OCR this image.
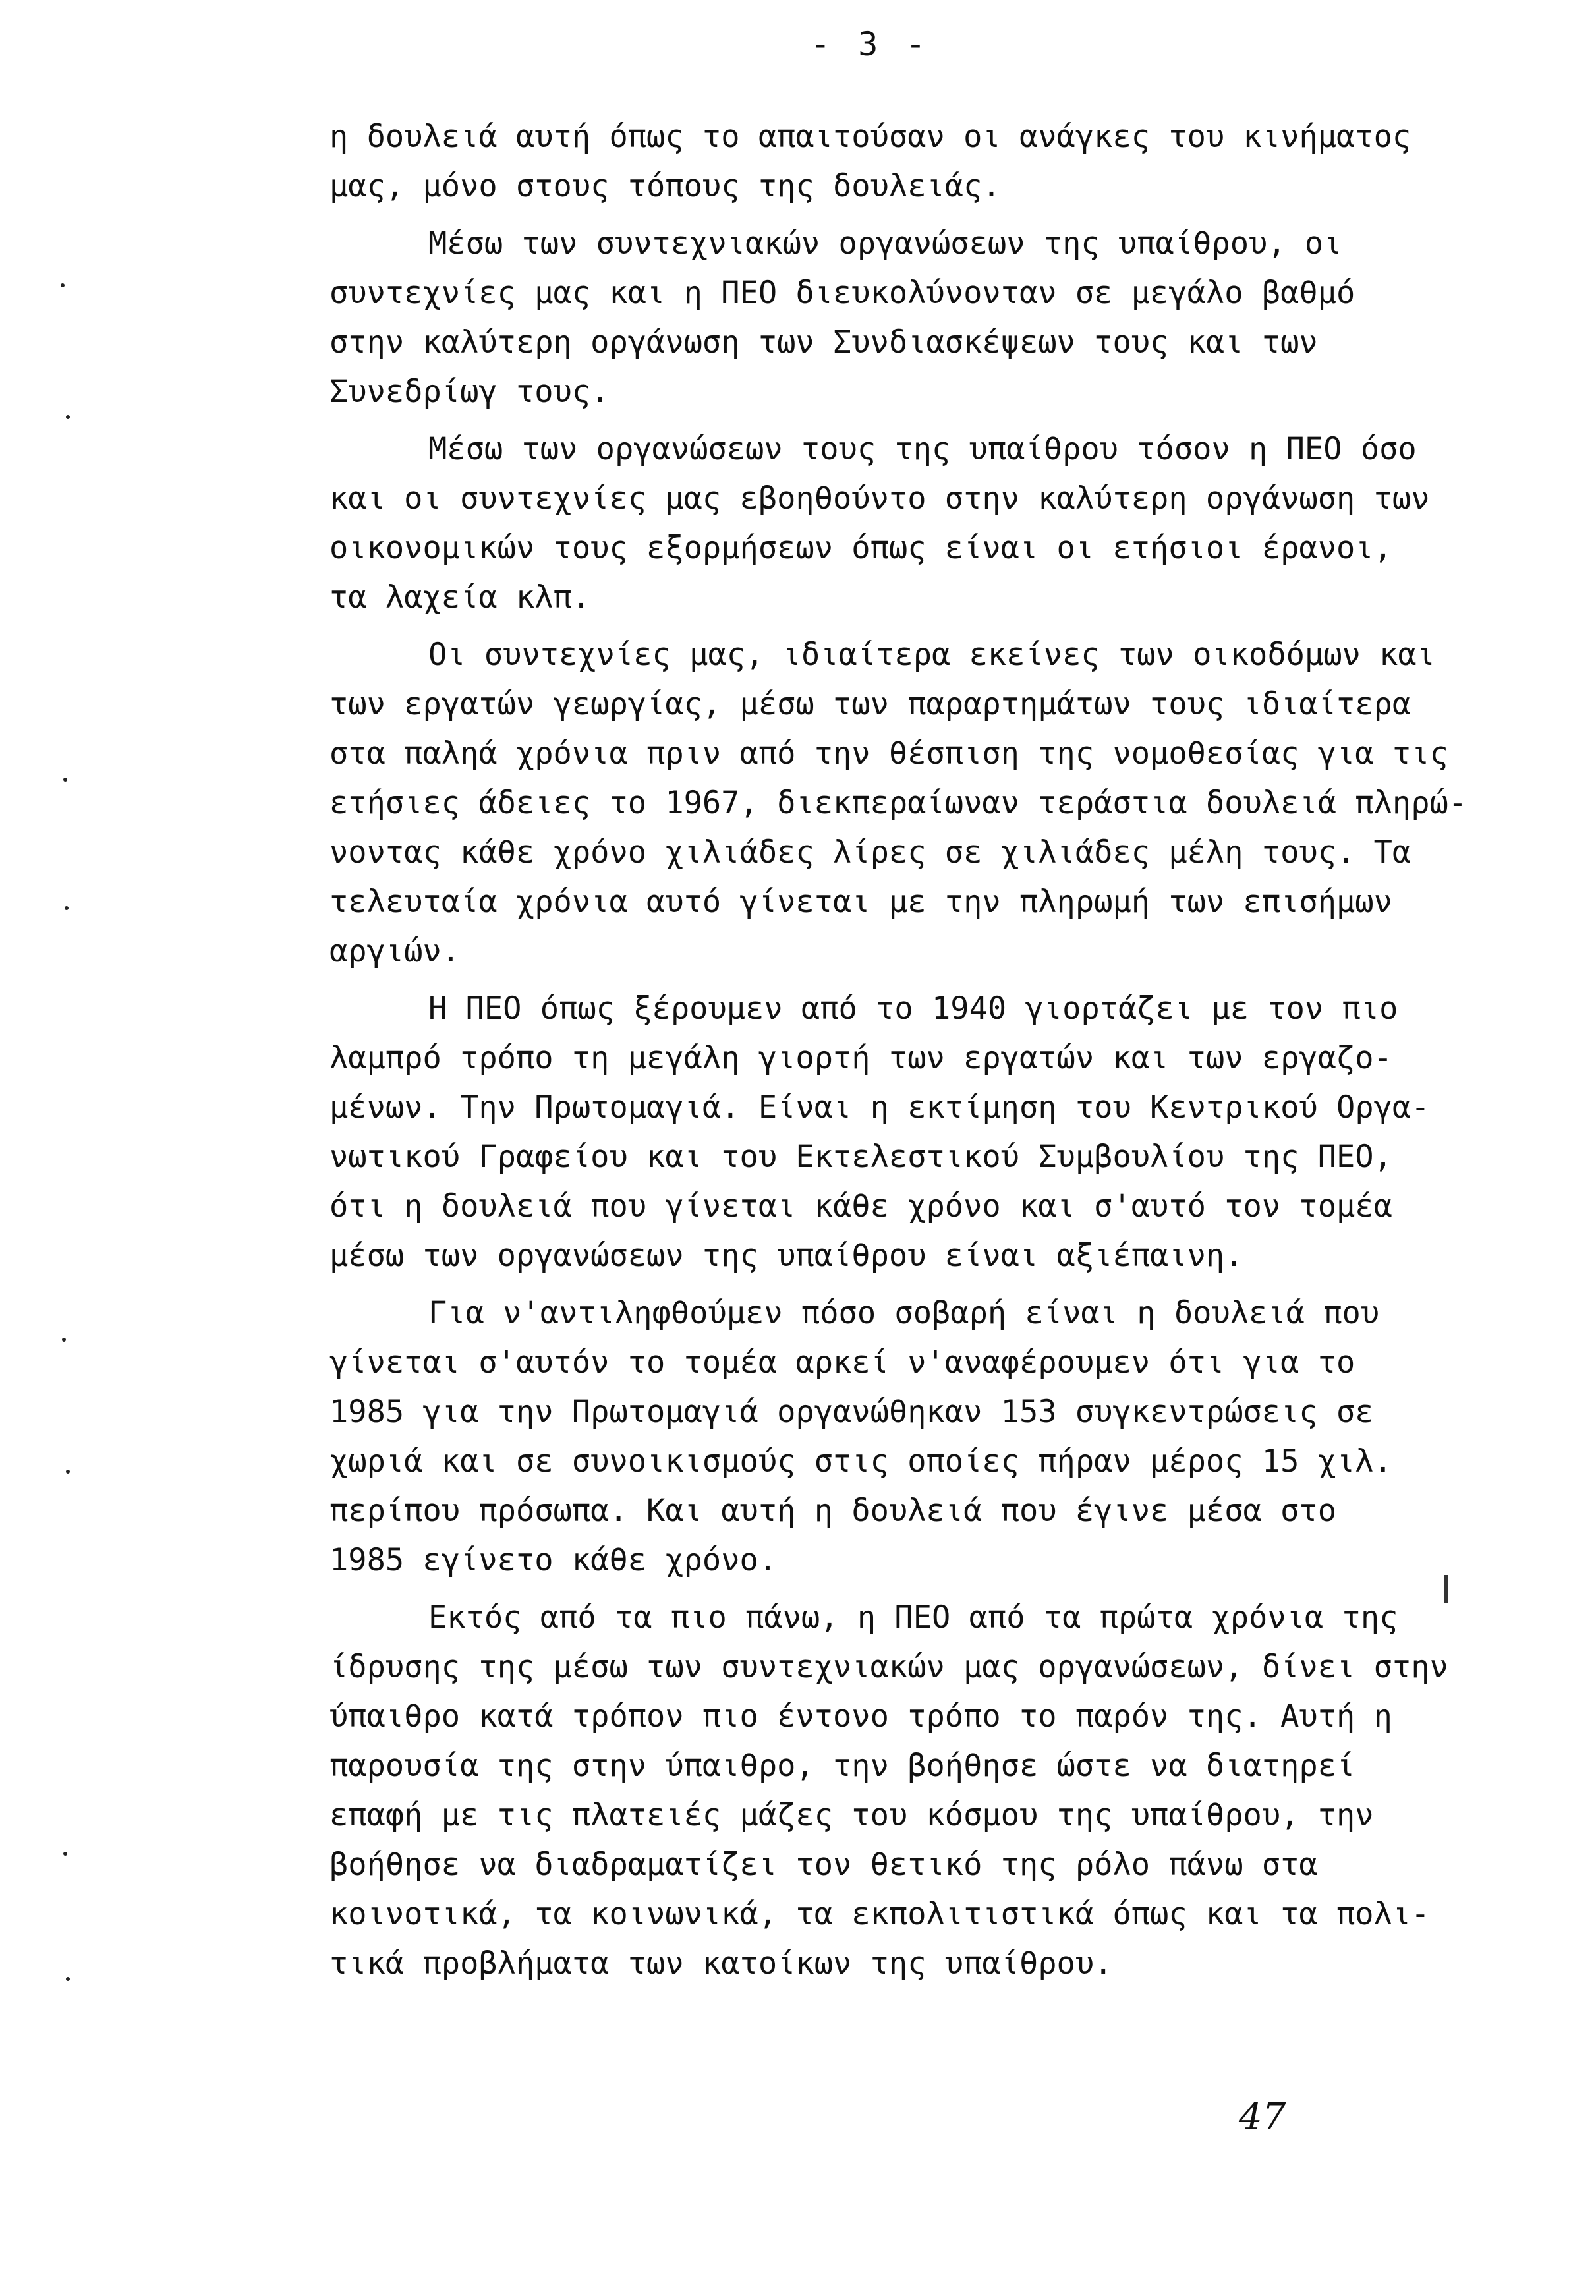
- 3 -
η δουλειά αυτή όπως το απαιτούσαν οι ανάγκες του κινήματος
μας, μόνο στους τόπους της δουλειάς.
Μέσω των συντεχνιακών οργανώσεων της υπαίθρου, οι
συντεχνίες μας και η ΠΕΟ διευκολύνονταν σε μεγάλο βαθμό
στην καλύτερη οργάνωση των Συνδιασκέψεων τους και των
Συνεδρίωγ τους.
Μέσω των οργανώσεων τους της υπαίθρου τόσον η ΠΕΟ όσο
και οι συντεχνίες μας εβοηθούντο στην καλύτερη οργάνωση των
οικονομικών τους εξορμήσεων όπως είναι οι ετήσιοι έρανοι,
τα λαχεία κλπ.
Οι συντεχνίες μας, ιδιαίτερα εκείνες των οικοδόμων και
των εργατών γεωργίας, μέσω των παραρτημάτων τους ιδιαίτερα
στα παληά χρόνια πριν από την θέσπιση της νομοθεσίας για τις
ετήσιες άδειες το 1967, διεκπεραίωναν τεράστια δουλειά πληρώ-
νοντας κάθε χρόνο χιλιάδες λίρες σε χιλιάδες μέλη τους. Τα
τελευταία χρόνια αυτό γίνεται με την πληρωμή των επισήμων
αργιών.
Η ΠΕΟ όπως ξέρουμεν από το 1940 γιορτάζει με τον πιο
λαμπρό τρόπο τη μεγάλη γιορτή των εργατών και των εργαζο-
μένων. Την Πρωτομαγιά. Είναι η εκτίμηση του Κεντρικού Οργα-
νωτικού Γραφείου και του Εκτελεστικού Συμβουλίου της ΠΕΟ,
ότι η δουλειά που γίνεται κάθε χρόνο και σ'αυτό τον τομέα
μέσω των οργανώσεων της υπαίθρου είναι αξιέπαινη.
Για ν'αντιληφθούμεν πόσο σοβαρή είναι η δουλειά που
γίνεται σ'αυτόν το τομέα αρκεί ν'αναφέρουμεν ότι για το
1985 για την Πρωτομαγιά οργανώθηκαν 153 συγκεντρώσεις σε
χωριά και σε συνοικισμούς στις οποίες πήραν μέρος 15 χιλ.
περίπου πρόσωπα. Και αυτή η δουλειά που έγινε μέσα στο
1985 εγίνετο κάθε χρόνο.
Εκτός από τα πιο πάνω, η ΠΕΟ από τα πρώτα χρόνια της
ίδρυσης της μέσω των συντεχνιακών μας οργανώσεων, δίνει στην
ύπαιθρο κατά τρόπον πιο έντονο τρόπο το παρόν της. Αυτή η
παρουσία της στην ύπαιθρο, την βοήθησε ώστε να διατηρεί
επαφή με τις πλατειές μάζες του κόσμου της υπαίθρου, την
βοήθησε να διαδραματίζει τον θετικό της ρόλο πάνω στα
κοινοτικά, τα κοινωνικά, τα εκπολιτιστικά όπως και τα πολι-
τικά προβλήματα των κατοίκων της υπαίθρου.
47
